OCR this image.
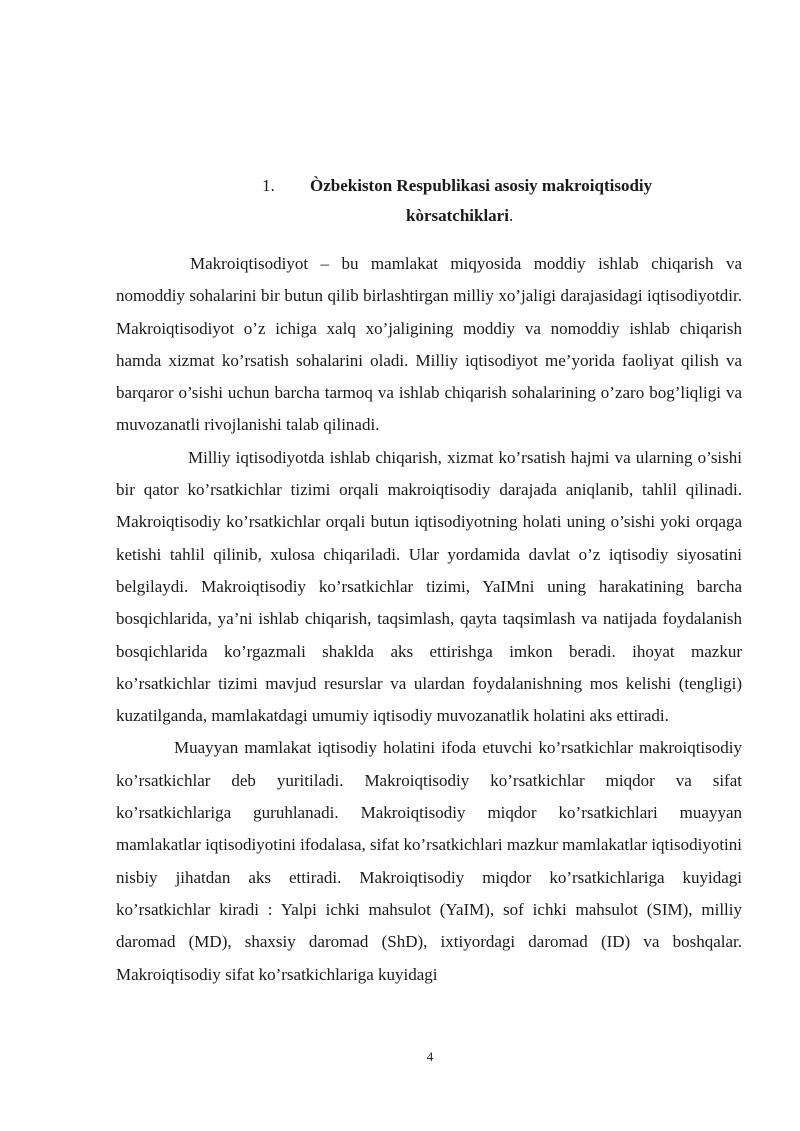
1. Òzbekiston Respublikasi asosiy makroiqtisodiy
kòrsatchiklari.

Makroiqtisodiyot – bu mamlakat miqyosida moddiy ishlab chiqarish va nomoddiy sohalarini bir butun qilib birlashtirgan milliy xo’jaligi darajasidagi iqtisodiyotdir. Makroiqtisodiyot o’z ichiga xalq xo’jaligining moddiy va nomoddiy ishlab chiqarish hamda xizmat ko’rsatish sohalarini oladi. Milliy iqtisodiyot me’yorida faoliyat qilish va barqaror o’sishi uchun barcha tarmoq va ishlab chiqarish sohalarining o’zaro bog’liqligi va muvozanatli rivojlanishi talab qilinadi.

Milliy iqtisodiyotda ishlab chiqarish, xizmat ko’rsatish hajmi va ularning o’sishi bir qator ko’rsatkichlar tizimi orqali makroiqtisodiy darajada aniqlanib, tahlil qilinadi. Makroiqtisodiy ko’rsatkichlar orqali butun iqtisodiyotning holati uning o’sishi yoki orqaga ketishi tahlil qilinib, xulosa chiqariladi. Ular yordamida davlat o’z iqtisodiy siyosatini belgilaydi. Makroiqtisodiy ko’rsatkichlar tizimi, YaIMni uning harakatining barcha bosqichlarida, ya’ni ishlab chiqarish, taqsimlash, qayta taqsimlash va natijada foydalanish bosqichlarida ko’rgazmali shaklda aks ettirishga imkon beradi. ihoyat mazkur ko’rsatkichlar tizimi mavjud resurslar va ulardan foydalanishning mos kelishi (tengligi) kuzatilganda, mamlakatdagi umumiy iqtisodiy muvozanatlik holatini aks ettiradi.

Muayyan mamlakat iqtisodiy holatini ifoda etuvchi ko’rsatkichlar makroiqtisodiy ko’rsatkichlar deb yuritiladi. Makroiqtisodiy ko’rsatkichlar miqdor va sifat ko’rsatkichlariga guruhlanadi. Makroiqtisodiy miqdor ko’rsatkichlari muayyan mamlakatlar iqtisodiyotini ifodalasa, sifat ko’rsatkichlari mazkur mamlakatlar iqtisodiyotini nisbiy jihatdan aks ettiradi. Makroiqtisodiy miqdor ko’rsatkichlariga kuyidagi ko’rsatkichlar kiradi : Yalpi ichki mahsulot (YaIM), sof ichki mahsulot (SIM), milliy daromad (MD), shaxsiy daromad (ShD), ixtiyordagi daromad (ID) va boshqalar. Makroiqtisodiy sifat ko’rsatkichlariga kuyidagi

4
